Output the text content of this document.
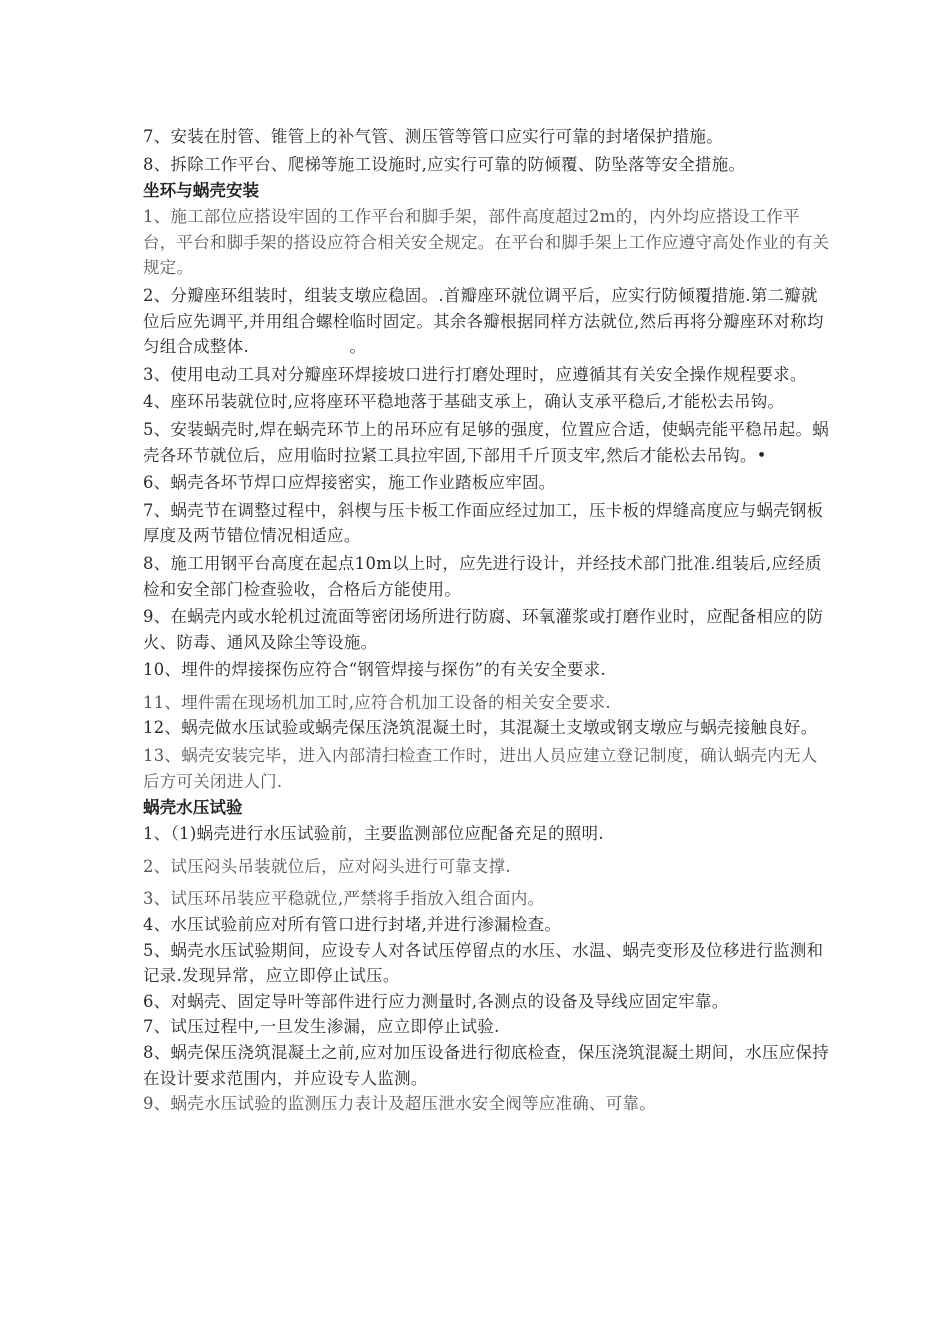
7、安装在肘管、锥管上的补气管、测压管等管口应实行可靠的封堵保护措施。

8、拆除工作平台、爬梯等施工设施时,应实行可靠的防倾覆、防坠落等安全措施。

坐环与蜗壳安装

1、施工部位应搭设牢固的工作平台和脚手架，部件高度超过2m的，内外均应搭设工作平台，平台和脚手架的搭设应符合相关安全规定。在平台和脚手架上工作应遵守高处作业的有关规定。

2、分瓣座环组装时，组装支墩应稳固。.首瓣座环就位调平后，应实行防倾覆措施.第二瓣就位后应先调平,并用组合螺栓临时固定。其余各瓣根据同样方法就位,然后再将分瓣座环对称均匀组合成整体.　　　　　　。

3、使用电动工具对分瓣座环焊接坡口进行打磨处理时，应遵循其有关安全操作规程要求。

4、座环吊装就位时,应将座环平稳地落于基础支承上，确认支承平稳后,才能松去吊钩。

5、安装蜗壳时,焊在蜗壳环节上的吊环应有足够的强度，位置应合适，使蜗壳能平稳吊起。蜗壳各环节就位后，应用临时拉紧工具拉牢固,下部用千斤顶支牢,然后才能松去吊钩。•

6、蜗壳各坏节焊口应焊接密实，施工作业踏板应牢固。

7、蜗壳节在调整过程中，斜楔与压卡板工作面应经过加工，压卡板的焊缝高度应与蜗壳钢板厚度及两节错位情况相适应。

8、施工用钢平台高度在起点10m以上时，应先进行设计，并经技术部门批准.组装后,应经质检和安全部门检查验收，合格后方能使用。

9、在蜗壳内或水轮机过流面等密闭场所进行防腐、环氧灌浆或打磨作业时，应配备相应的防火、防毒、通风及除尘等设施。

10、埋件的焊接探伤应符合“钢管焊接与探伤”的有关安全要求.

11、埋件需在现场机加工时,应符合机加工设备的相关安全要求.

12、蜗壳做水压试验或蜗壳保压浇筑混凝土时，其混凝土支墩或钢支墩应与蜗壳接触良好。

13、蜗壳安装完毕，进入内部清扫检查工作时，进出人员应建立登记制度，确认蜗壳内无人后方可关闭进人门.

蜗壳水压试验

1、（1)蜗壳进行水压试验前，主要监测部位应配备充足的照明.

2、试压闷头吊装就位后，应对闷头进行可靠支撑.

3、试压环吊装应平稳就位,严禁将手指放入组合面内。

4、水压试验前应对所有管口进行封堵,并进行渗漏检查。

5、蜗壳水压试验期间，应设专人对各试压停留点的水压、水温、蜗壳变形及位移进行监测和记录.发现异常，应立即停止试压。

6、对蜗壳、固定导叶等部件进行应力测量时,各测点的设备及导线应固定牢靠。

7、试压过程中,一旦发生渗漏，应立即停止试验.

8、蜗壳保压浇筑混凝土之前,应对加压设备进行彻底检查，保压浇筑混凝土期间，水压应保持在设计要求范围内，并应设专人监测。

9、蜗壳水压试验的监测压力表计及超压泄水安全阀等应准确、可靠。
